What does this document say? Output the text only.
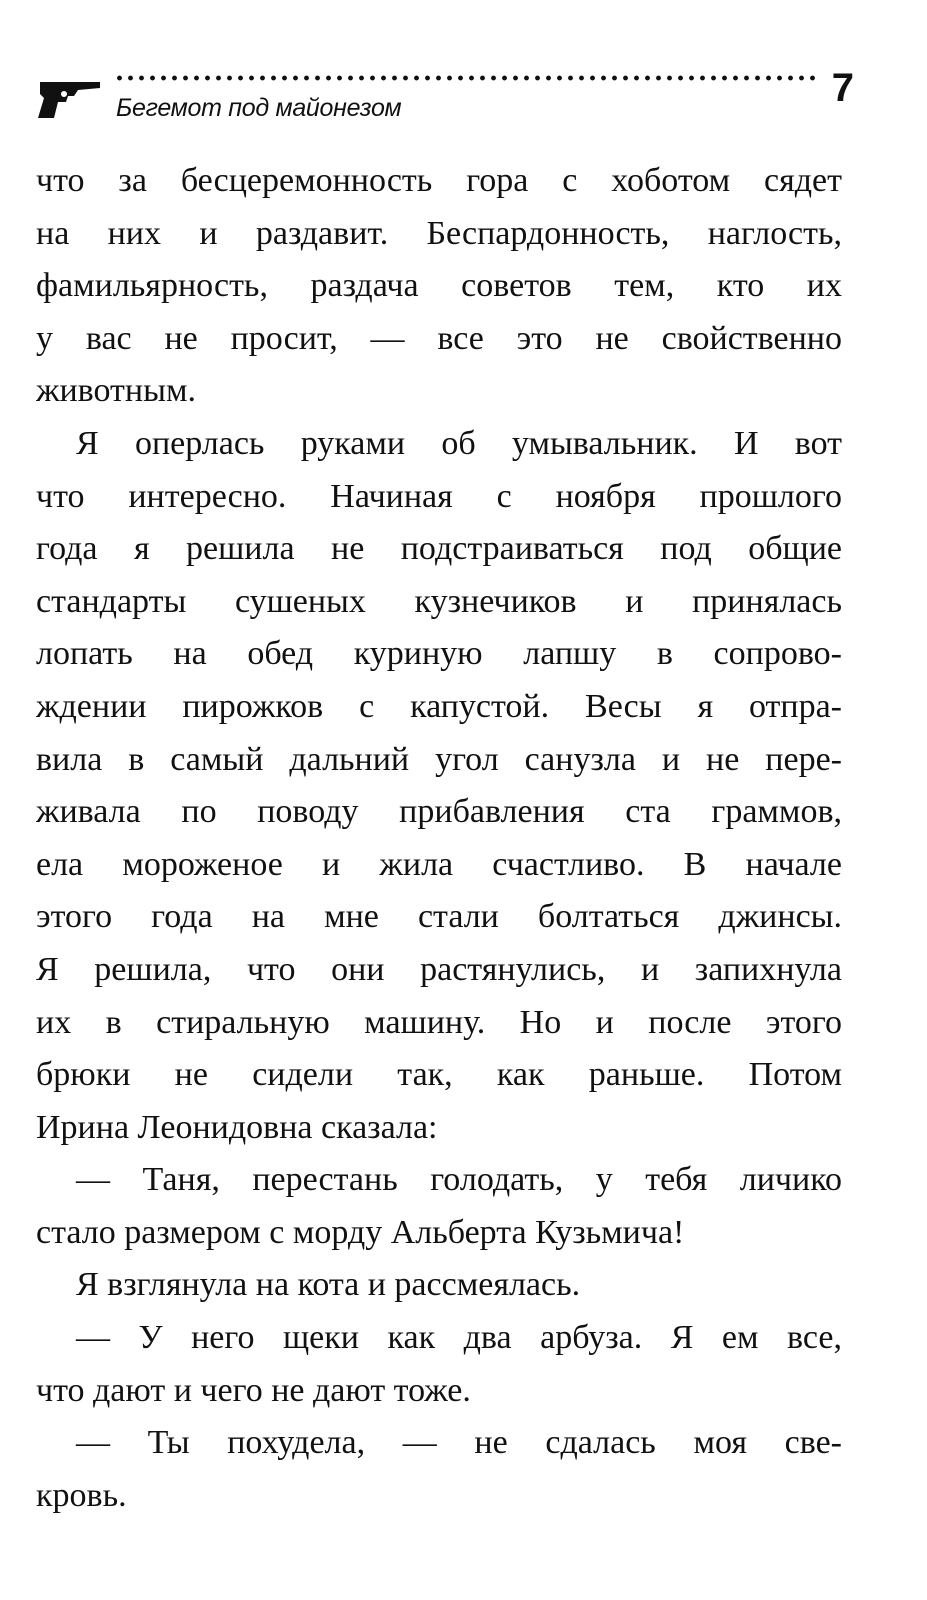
Бегемот под майонезом	7

что за бесцеремонность гора с хоботом сядет

на них и раздавит. Беспардонность, наглость,

фамильярность, раздача советов тем, кто их

у вас не просит, — все это не свойственно

животным.

Я оперлась руками об умывальник. И вот

что интересно. Начиная с ноября прошлого

года я решила не подстраиваться под общие

стандарты сушеных кузнечиков и принялась

лопать на обед куриную лапшу в сопрово-

ждении пирожков с капустой. Весы я отпра-

вила в самый дальний угол санузла и не пере-

живала по поводу прибавления ста граммов,

ела мороженое и жила счастливо. В начале

этого года на мне стали болтаться джинсы.

Я решила, что они растянулись, и запихнула

их в стиральную машину. Но и после этого

брюки не сидели так, как раньше. Потом

Ирина Леонидовна сказала:

— Таня, перестань голодать, у тебя личико

стало размером с морду Альберта Кузьмича!

Я взглянула на кота и рассмеялась.

— У него щеки как два арбуза. Я ем все,

что дают и чего не дают тоже.

— Ты похудела, — не сдалась моя све-

кровь.
